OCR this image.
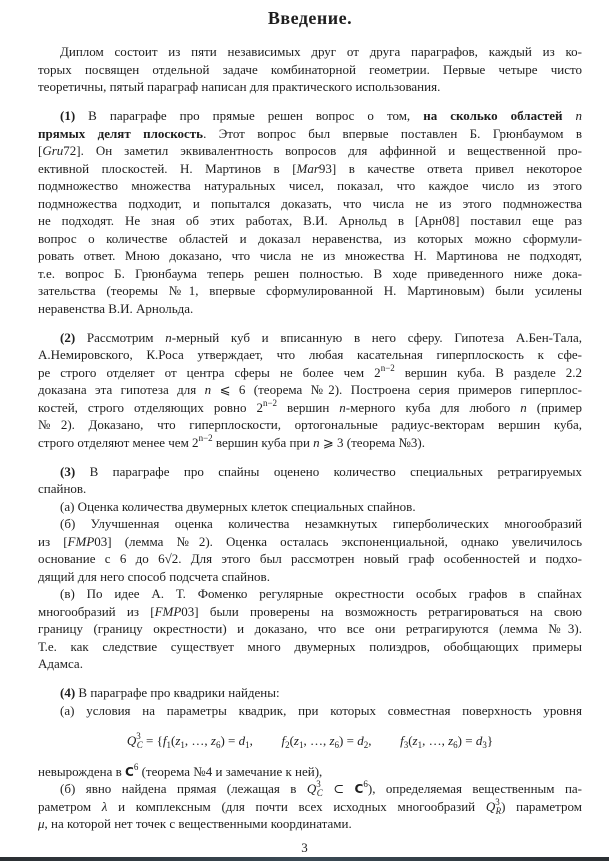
Введение.
Диплом состоит из пяти независимых друг от друга параграфов, каждый из ко-
торых посвящен отдельной задаче комбинаторной геометрии. Первые четыре чисто
теоретичны, пятый параграф написан для практического использования.
(1) В параграфе про прямые решен вопрос о том, на сколько областей n
прямых делят плоскость. Этот вопрос был впервые поставлен Б. Грюнбаумом в
[Gru72]. Он заметил эквивалентность вопросов для аффинной и вещественной про-
ективной плоскостей. Н. Мартинов в [Mar93] в качестве ответа привел некоторое
подмножество множества натуральных чисел, показал, что каждое число из этого
подмножества подходит, и попытался доказать, что числа не из этого подмножества
не подходят. Не зная об этих работах, В.И. Арнольд в [Арн08] поставил еще раз
вопрос о количестве областей и доказал неравенства, из которых можно сформули-
ровать ответ. Мною доказано, что числа не из множества Н. Мартинова не подходят,
т.е. вопрос Б. Грюнбаума теперь решен полностью. В ходе приведенного ниже дока-
зательства (теоремы №1, впервые сформулированной Н. Мартиновым) были усилены
неравенства В.И. Арнольда.
(2) Рассмотрим n-мерный куб и вписанную в него сферу. Гипотеза А.Бен-Тала,
А.Немировского, К.Роса утверждает, что любая касательная гиперплоскость к сфе-
ре строго отделяет от центра сферы не более чем $2^{n-2}$ вершин куба. В разделе 2.2
доказана эта гипотеза для n ⩽ 6 (теорема №2). Построена серия примеров гиперплос-
костей, строго отделяющих ровно $2^{n-2}$ вершин n-мерного куба для любого n (пример
№2). Доказано, что гиперплоскости, ортогональные радиус-векторам вершин куба,
строго отделяют менее чем $2^{n-2}$ вершин куба при n ⩾ 3 (теорема №3).
(3) В параграфе про спайны оценено количество специальных ретрагируемых
спайнов.
(а) Оценка количества двумерных клеток специальных спайнов.
(б) Улучшенная оценка количества незамкнутых гиперболических многообразий
из [FMP03] (лемма №2). Оценка осталась экспоненциальной, однако увеличилось
основание с 6 до 6√2. Для этого был рассмотрен новый граф особенностей и подхо-
дящий для него способ подсчета спайнов.
(в) По идее А. Т. Фоменко регулярные окрестности особых графов в спайнах
многообразий из [FMP03] были проверены на возможность ретрагироваться на свою
границу (границу окрестности) и доказано, что все они ретрагируются (лемма №3).
Т.е. как следствие существует много двумерных полиэдров, обобщающих примеры
Адамса.
(4) В параграфе про квадрики найдены:
(а) условия на параметры квадрик, при которых совместная поверхность уровня
$Q^3_C = \{f_1(z_1$, …, $z_6) = d_1$, $f_2(z_1$, …, $z_6) = d_2$, $f_3(z_1$, …, $z_6) = d_3$}
невырождена в $C^6$ (теорема №4 и замечание к ней),
(б) явно найдена прямая (лежащая в $Q^3_C$ ⊂ $C^6$), определяемая вещественным па-
раметром λ и комплексным (для почти всех исходных многообразий $Q^3_R$) параметром
μ, на которой нет точек с вещественными координатами.
3
